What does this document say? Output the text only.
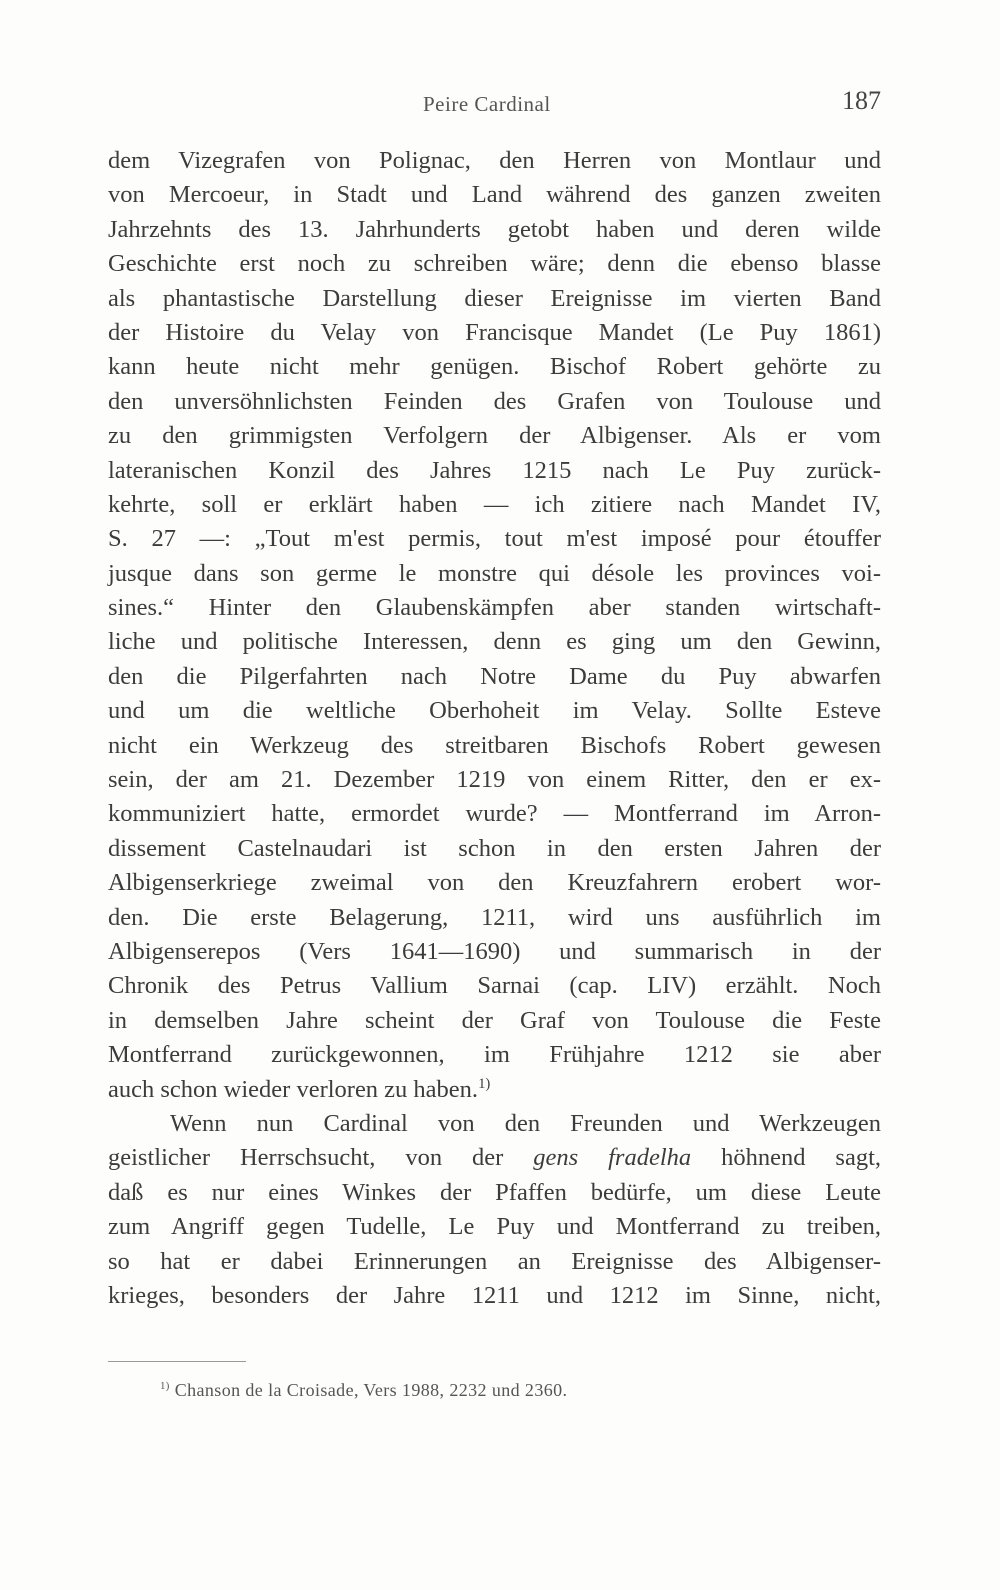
Peire Cardinal	187
dem Vizegrafen von Polignac, den Herren von Montlaur und
von Mercoeur, in Stadt und Land während des ganzen zweiten
Jahrzehnts des 13. Jahrhunderts getobt haben und deren wilde
Geschichte erst noch zu schreiben wäre; denn die ebenso blasse
als phantastische Darstellung dieser Ereignisse im vierten Band
der Histoire du Velay von Francisque Mandet (Le Puy 1861)
kann heute nicht mehr genügen. Bischof Robert gehörte zu
den unversöhnlichsten Feinden des Grafen von Toulouse und
zu den grimmigsten Verfolgern der Albigenser. Als er vom
lateranischen Konzil des Jahres 1215 nach Le Puy zurück-
kehrte, soll er erklärt haben — ich zitiere nach Mandet IV,
S. 27 —: „Tout m'est permis, tout m'est imposé pour étouffer
jusque dans son germe le monstre qui désole les provinces voi-
sines.“ Hinter den Glaubenskämpfen aber standen wirtschaft-
liche und politische Interessen, denn es ging um den Gewinn,
den die Pilgerfahrten nach Notre Dame du Puy abwarfen
und um die weltliche Oberhoheit im Velay. Sollte Esteve
nicht ein Werkzeug des streitbaren Bischofs Robert gewesen
sein, der am 21. Dezember 1219 von einem Ritter, den er ex-
kommuniziert hatte, ermordet wurde? — Montferrand im Arron-
dissement Castelnaudari ist schon in den ersten Jahren der
Albigenserkriege zweimal von den Kreuzfahrern erobert wor-
den. Die erste Belagerung, 1211, wird uns ausführlich im
Albigenserepos (Vers 1641—1690) und summarisch in der
Chronik des Petrus Vallium Sarnai (cap. LIV) erzählt. Noch
in demselben Jahre scheint der Graf von Toulouse die Feste
Montferrand zurückgewonnen, im Frühjahre 1212 sie aber
auch schon wieder verloren zu haben.$^{1)}$
Wenn nun Cardinal von den Freunden und Werkzeugen
geistlicher Herrschsucht, von der gens fradelha höhnend sagt,
daß es nur eines Winkes der Pfaffen bedürfe, um diese Leute
zum Angriff gegen Tudelle, Le Puy und Montferrand zu treiben,
so hat er dabei Erinnerungen an Ereignisse des Albigenser-
krieges, besonders der Jahre 1211 und 1212 im Sinne, nicht,
$^{1)}$ Chanson de la Croisade, Vers 1988, 2232 und 2360.
